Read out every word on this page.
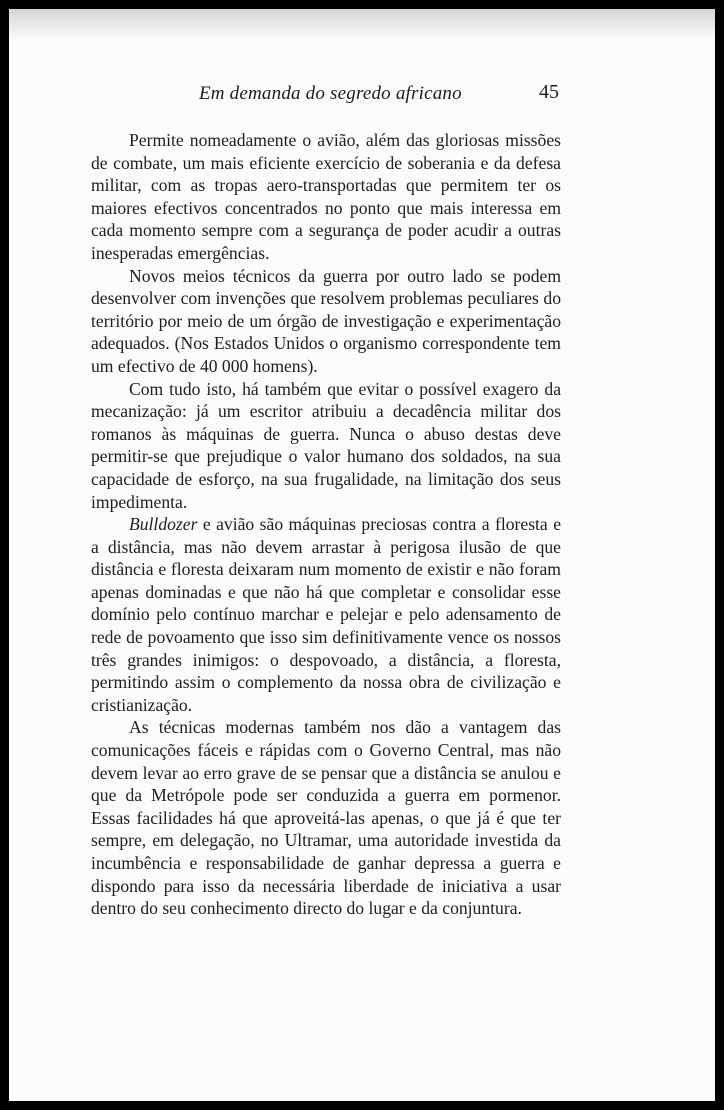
Em demanda do segredo africano	45

Permite nomeadamente o avião, além das gloriosas missões de combate, um mais eficiente exercício de soberania e da defesa militar, com as tropas aero-transportadas que permitem ter os maiores efectivos concentrados no ponto que mais interessa em cada momento sempre com a segurança de poder acudir a outras inesperadas emergências.

Novos meios técnicos da guerra por outro lado se podem desenvolver com invenções que resolvem problemas peculiares do território por meio de um órgão de investigação e experimentação adequados. (Nos Estados Unidos o organismo correspondente tem um efectivo de 40 000 homens).

Com tudo isto, há também que evitar o possível exagero da mecanização: já um escritor atribuiu a decadência militar dos romanos às máquinas de guerra. Nunca o abuso destas deve permitir-se que prejudique o valor humano dos soldados, na sua capacidade de esforço, na sua frugalidade, na limitação dos seus impedimenta.

Bulldozer e avião são máquinas preciosas contra a floresta e a distância, mas não devem arrastar à perigosa ilusão de que distância e floresta deixaram num momento de existir e não foram apenas dominadas e que não há que completar e consolidar esse domínio pelo contínuo marchar e pelejar e pelo adensamento de rede de povoamento que isso sim definitivamente vence os nossos três grandes inimigos: o despovoado, a distância, a floresta, permitindo assim o complemento da nossa obra de civilização e cristianização.

As técnicas modernas também nos dão a vantagem das comunicações fáceis e rápidas com o Governo Central, mas não devem levar ao erro grave de se pensar que a distância se anulou e que da Metrópole pode ser conduzida a guerra em pormenor. Essas facilidades há que aproveitá-las apenas, o que já é que ter sempre, em delegação, no Ultramar, uma autoridade investida da incumbência e responsabilidade de ganhar depressa a guerra e dispondo para isso da necessária liberdade de iniciativa a usar dentro do seu conhecimento directo do lugar e da conjuntura.
